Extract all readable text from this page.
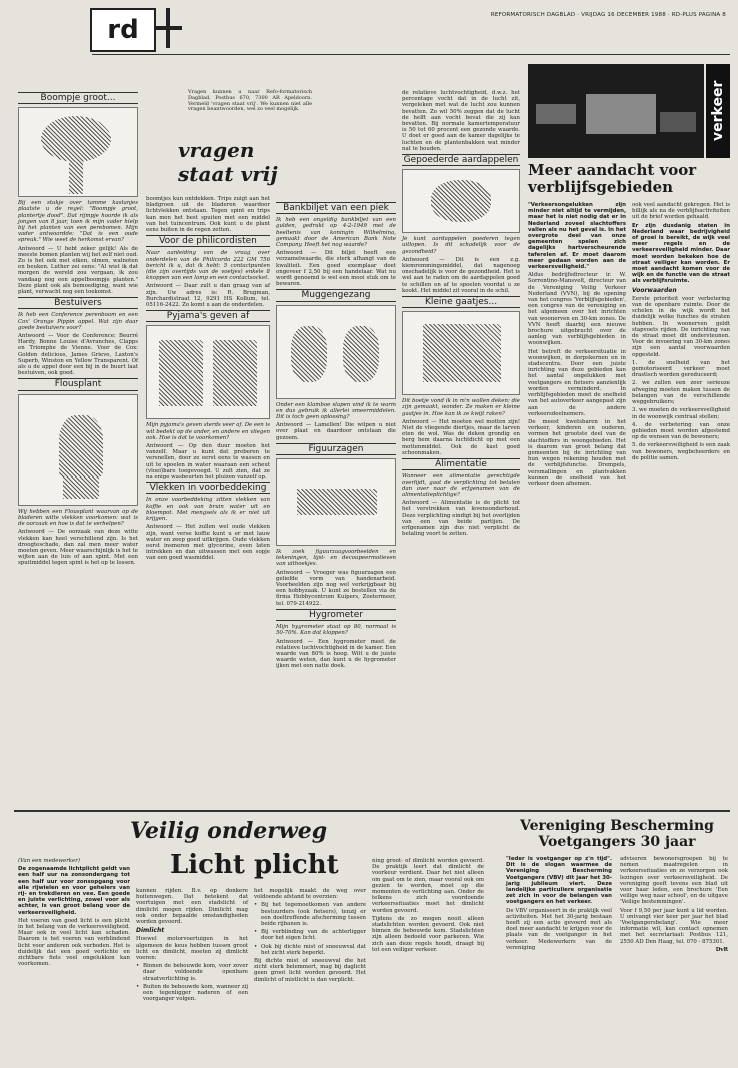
rd	REFORMATORISCH DAGBLAD · VRIJDAG 16 DECEMBER 1988 · RD-PLUS PAGINA 8
Boompje groot...

Bij een stukje over tamme kastanjes plaatste u de regel: "Boompje groot, plantertje dood". Dat rijmpje hoorde ik als jongen van 8 jaar, toen ik mijn vader hielp bij het planten van een perebomen. Mijn vader antwoordde: "Dat is een oude spreuk." Wie weet de herkomst ervan?

Antwoord — U hebt zeker gelijk! Als de meeste bomen planten wij het zelf niet oud. Zo is het ook met eiken, olmen, walnoten en beuken. Luther zei eens: "Al wist ik dat morgen de wereld zou vergaan, ik zou vandaag nog een appelboompje planten." Deze plant ook als bemoediging, want wie plant, verwacht nog een toekomst.

Bestuivers

Ik heb een Conference perenboom en een Cox' Orange Pippin appel. Wat zijn daar goede bestuivers voor?

Antwoord — Voor de Conference: Beurré Hardy, Bonne Louise d'Avranches, Clapps en Triomphe de Vienne. Voor de Cox: Golden delicious, James Grieve, Laxton's Superb, Winston en Yellow Transparent. Of als u de appel door een bij in de buurt laat bestuiven, ook goed.

Flousplant

Wij hebben een Flousplant waarvan op de bladeren witte vlekken voorkomen: wat is de oorzaak en hoe is dat te verhelpen?

Antwoord — De oorzaak van deze witte vlekken kan heel verschillend zijn. Is het droogteschade, dan zal men meer water moeten geven. Meer waarschijnlijk is het te wijten aan de luis of aan spint. Met een spuitmiddel tegen spint is het op te lossen.

Vragen kunnen u naar Refo-formatorisch Dagblad, Postbus 670, 7300 AR Apeldoorn. Vermeld 'vragen staat vrij'. We kunnen niet alle vragen beantwoorden, wel zo veel mogelijk.
vragen staat vrij

boomtjes kun ontdekken. Trips zuigt aan het bladgroen uit de bladeren waardoor lichtvlekken ontstaan. Tegen spint en trips kan men het best spuiten met een middel van het tuincentrum. Ook kunt u de plant eens buiten in de regen zetten.

Voor de philicordisten

Naar aanleiding van de vraag over onderdelen van de Philicorda 222 GM 756 bericht ik u, dat ik hebt: 5 contactpunten (die zijn overtijds van de voetjes) enkele 8 knoppen van een lamp en een contactsocket.

Antwoord — Daar zult u dan graag van af zijn. Uw adres is: R. Brugman, Burchardistraat 12, 9291 HS Kollum, tel. 05116-2422. Zo komt u aan de onderdelen.

Pyjama's geven af

Mijn pyjama's geven sterds veer af. De een is wit bedekt op de ander, en andere en vliegen ook. Hoe is dat te voorkomen?

Antwoord — Op den duur moeten het vanzelf. Maar u kunt dat proberen te versnellen, door ze eerst eens te wassen en uit te spoelen in water waaraan een scheut (vloei)bare toegevoegd. U zult zien, dat ze na enige wasbeurten het pluizen vanzelf op.

Vlekken in voorbeddeking

In onze voorbeddeking zitten vlekken van koffie en ook van bruin water uit en bloempot. Met mengsels als ik er niet uit krijgen.

Antwoord — Het zullen wel oude vlekken zijn, want verse koffie kunt u er met lauw water en zeep goed uitkrijgen. Oude vlekken eerst insmeren met glycerine, even laten intrekken en dan uitwassen met een sopje van een goed wasmiddel.

Bankbiljet van een piek

Ik heb een ongeldig bankbiljet van een gulden, gedrukt op 4-2-1949 met de beeltenis van koningin Wilhelmina, gemaakt door de American Bank Note Company. Heeft het nog waarde?

Antwoord — Dit biljet heeft een verzamelwaarde, die sterk afhangt van de kwaliteit. Een goed exemplaar doet ongeveer f 2,50 bij een handelaar. Wat nu wordt genoemd is wel een mooi stuk om te bewaren.

Muggengezang

Onder een klamboe slapen vind ik te warm en dus gebruik ik allerlei smeermiddelen. Dit is toch geen oplossing?

Antwoord — Lamellen! Die wilpen u niet over plaat en daardoor ontstaan die gezoem.

Figuurzagen

Ik zoek figuurzaagvoorbeelden en tekeningen, lijst- en decoupeermotieven van uithoekjes.

Antwoord — Vroeger was figuurzagen een geliefde vorm van handenarbeid. Voorbeelden zijn nog wel verkrijgbaar bij een hobbyzaak. U kunt ze bestellen via de firma Hobbycentrum Kuipers, Zoetermeer, tel. 079-214922.

Hygrometer

Mijn hygrometer staat op 80, normaal is 50-70%. Kan dat kloppen?

Antwoord — Een hygrometer meet de relatieve luchtvochtigheid in de kamer. Een waarde van 80% is hoog. Wilt u de juiste waarde weten, dan kunt u de hygrometer ijken met een natte doek.

de relatieve luchtvochtigheid, d.w.z. het percentage vocht dat in de lucht zit, vergeleken met wat de lucht zou kunnen bevatten. Zo wil 50% zeggen dat de lucht de helft aan vocht bevat die zij kan bevatten. Bij normale kamertemperatuur is 50 tot 60 procent een gezonde waarde. U doet er goed aan de kamer dagelijks te luchten en de plantenbakken wat minder nat te houden.

Gepoederde aardappelen

Je kunt aardappelen poederen tegen uitlopen. Is dit schadelijk voor de gezondheid?

Antwoord — Dit is een z.g. kiemremmingsmiddel, dat nagenoeg onschadelijk is voor de gezondheid. Het is wel aan te raden om de aardappelen goed te schillen en af te spoelen voordat u ze kookt. Het middel zit vooral in de schil.

Kleine gaatjes...

Dit boetje vond ik in m'n wollen deken: die zijn gemaakt, wonder. Ze maken er kleine gaatjes in. Hoe kan ik ze kwijt raken?

Antwoord — Het moeten wel motten zijn! Niet de vliegende diertjes, maar de larven eten de wol. Was de deken grondig en berg hem daarna luchtdicht op met een mottenmiddel. Ook de kast goed schoonmaken.

Alimentatie

Wanneer een alimentatie gerechtigde overlijdt, gaat de verplichting tot betalen dan over naar de erfgenamen van de alimentatieplichtige?

Antwoord — Alimentatie is de plicht tot het verstrekken van levensonderhoud. Deze verplichting eindigt bij het overlijden van een van beide partijen. De erfgenamen zijn dus niet verplicht de betaling voort te zetten.

verkeer
Meer aandacht voor verblijfsgebieden

"Verkeersongelukken zijn minder niet altijd te vermijden, maar het is niet nodig dat er in Nederland zoveel slachtoffers vallen als nu het geval is. In het overgrote deel van onze gemeenten spelen zich dagelijks hartverscheurende taferelen af. Er moet daarom meer gedaan worden aan de verkeersveiligheid."

Aldus bedrijfsdirecteur ir. W. Sorrentino-Mansvelt, directeur van de Vereniging Veilig Verkeer Nederland (VVN), bij de opening van het congres 'Verblijfsgebieden', een congres van de vereniging en het algemeen over het inrichten van woonerven en 30-km zones. De VVN heeft daarbij een nieuwe brochure uitgebracht over de aanleg van verblijfsgebieden in woonwijken.

Het betreft de verkeersituatie in woonwijken, in dorpskernen en in stadscentra. Door een juiste inrichting van deze gebieden kan het aantal ongelukken met voetgangers en fietsers aanzienlijk worden verminderd. In verblijfsgebieden moet de snelheid van het autoverkeer aangepast zijn aan de andere verkeersdeelnemers.

De meest kwetsbaren in het verkeer, kinderen en ouderen, vormen het grootste deel van de slachtoffers in woongebieden. Het is daarom van groot belang dat gemeenten bij de inrichting van hun wegen rekening houden met de verblijfsfunctie. Drempels, versmallingen en plantvakken kunnen de snelheid van het verkeer doen afnemen.

ook veel aandacht gekregen. Het is billijk als na de verblijfsactiviteiten uit de brief worden gehaald.

Er zijn dusdanig staten in Nederland waar bedrijvigheid of groei is bereikt, de wijk veel meer regels en de verkeersveiligheid minder. Daar moet worden bekeken hoe de straat veiliger kan worden. Er moet aandacht komen voor de wijk en de functie van de straat als verblijfsruimte.

Voorwaarden

Eerste prioriteit voor verbetering van de openbare ruimte. Door de schelen in de wijk wordt het duidelijk welke functies de straten hebben. In woonerven geldt stapvoets rijden. De inrichting van de straat moet dit ondersteunen. Voor de invoering van 30-km zones zijn een aantal voorwaarden opgesteld.

1. de snelheid van het gemotoriseerd verkeer moet drastisch worden gereduceerd;

2. we zullen een zeer serieuze afweging moeten maken tussen de belangen van de verschillende weggebruikers;

3. we moeten de verkeersveiligheid in de woonwijk centraal stellen;

4. de verbetering van onze gebieden moet worden afgestemd op de wensen van de bewoners;

5. de verkeersveiligheid is een zaak van bewoners, wegbeheerders en de politie samen.

Veilig onderweg
Licht plicht

(Van een medewerker)

De zogenaamde lichtplicht geldt van een half uur na zonsondergang tot een half uur voor zonsopgang voor alle rijwielen en voor gehelers van rij- en trekdieren en vee. Een goede en juiste verlichting, zowel voor als achter, is van groot belang voor de verkeersveiligheid.

Het voeren van goed licht is een plicht in het belang van de verkeersveiligheid. Maar ook in veel licht kan schaden. Daarom is het voeren van verblindend licht voor anderen ook verboden. Het is duidelijk dat een goed verlichte en zichtbare fiets veel ongelukken kan voorkomen.

kunnen rijden. B.v. op donkere buitenwegen. Dat betekent dat voertuigen met een stadslicht of dimlicht mogen rijden. Dimlicht mag ook onder bepaalde omstandigheden worden gevoerd.

Dimlicht

Hoewel motorvoertuigen in het algemeen de keus hebben tussen groot licht en dimlicht, moeten zij dimlicht voeren:

• Binnen de bebouwde kom, voor zover daar voldoende openbare straatverlichting is.

• Buiten de bebouwde kom, wanneer zij een tegenligger naderen of een voorganger volgen.

het mogelijk maakt de weg over voldoende afstand te overzien:

• Bij het tegemoetkomen van andere bestuurders (ook fietsers), tenzij er een doeltreffende afscherming tussen beide rijbanen is.

• Bij verblinding van de achterligger door het eigen licht.

• Ook bij dichte mist of sneeuwval dat het zicht sterk beperkt.

Bij dichte mist of sneeuwval die het zicht sterk belemmert, mag bij daglicht geen groot licht worden gevoerd. Het dimlicht of mistlicht is dan verplicht.

ning groot- of dimlicht worden gevoerd. De praktijk leert dat dimlicht de voorkeur verdient. Daar het niet alleen om gaat om te zien, maar vooral ook om gezien te worden, moet op die momenten de verlichting aan. Onder de telkens zich voordoende verkeerssituaties moet het dimlicht worden gevoerd.

Tijdens de zo mogen nooit alleen stadslichten worden gevoerd. Ook niet binnen de bebouwde kom. Stadslichten zijn alleen bedoeld voor parkeren. Wie zich aan deze regels houdt, draagt bij tot een veiliger verkeer.

Vereniging Bescherming Voetgangers 30 jaar

"Ieder is voetganger op z'n tijd". Dit is de slogan waarmee de Vereniging Bescherming Voetgangers (VBV) dit jaar het 30-jarig jubileum viert. Deze landelijke particuliere organisatie zet zich in voor de belangen van voetgangers en het verkeer.

De VBV organiseert in de praktijk veel activiteiten. Met het 30-jarig bestaan heeft zij een actie gevoerd met als doel meer aandacht te krijgen voor de plaats van de voetganger in het verkeer. Medewerkers van de vereniging

adviseren bewonersgroepen bij te nemen maatregelen in verkeerssituaties en ze verzorgen ook lezingen over verkeersveiligheid. De vereniging geeft tevens een blad uit voor haar leden, een brochure 'Een veilige weg naar school', en de uitgave 'Veilige bestemmingen'.

Voor f 9,50 per jaar kunt u lid worden. U ontvangt vier keer per jaar het blad 'Voetgangersbelang'. Wie meer informatie wil, kan contact opnemen met het secretariaat: Postbus 121, 2550 AD Den Haag, tel. 070 - 875301.

DvR
